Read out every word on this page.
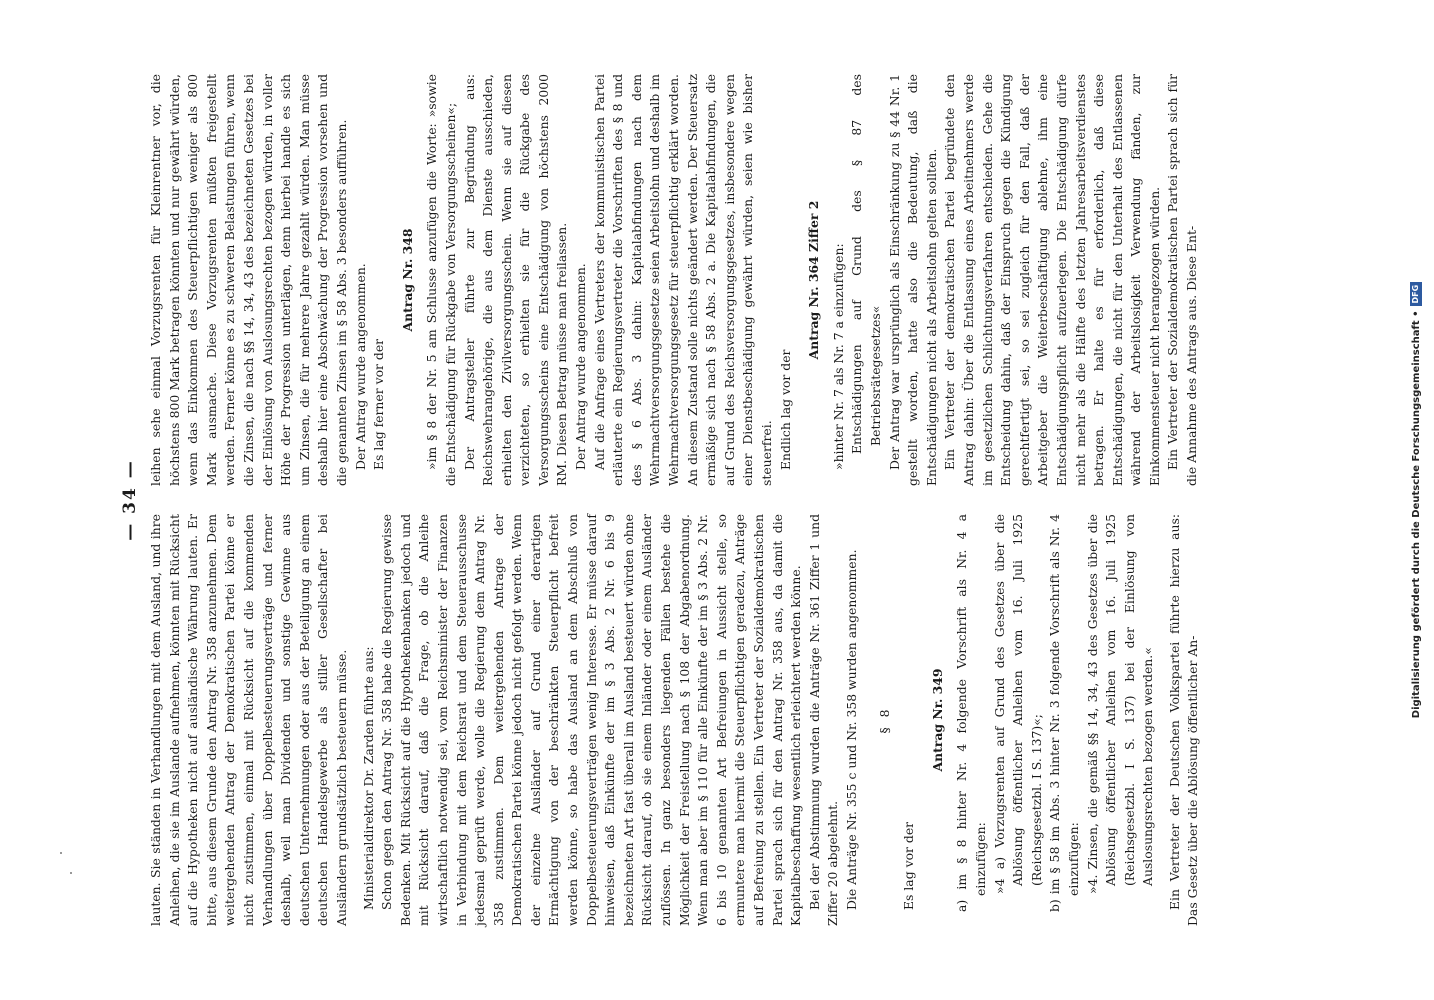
— 34 —

lauten. Sie ständen in Verhandlungen mit dem Ausland, und ihre Anleihen, die sie im Auslande aufnehmen, könnten mit Rücksicht auf die Hypotheken nicht auf ausländische Währung lauten. Er bitte, aus diesem Grunde den Antrag Nr. 358 anzunehmen. Dem weitergehenden Antrag der Demokratischen Partei könne er nicht zustimmen, einmal mit Rücksicht auf die kommenden Verhandlungen über Doppelbesteuerungsverträge und ferner deshalb, weil man Dividenden und sonstige Gewinne aus deutschen Unternehmungen oder aus der Beteiligung an einem deutschen Handelsgewerbe als stiller Gesellschafter bei Ausländern grundsätzlich besteuern müsse. Ministerialdirektor Dr. Zarden führte aus: Schon gegen den Antrag Nr. 358 habe die Regierung gewisse Bedenken. Mit Rücksicht auf die Hypothekenbanken jedoch und mit Rücksicht darauf, daß die Frage, ob die Anleihe wirtschaftlich notwendig sei, vom Reichsminister der Finanzen in Verbindung mit dem Reichsrat und dem Steuerausschusse jedesmal geprüft werde, wolle die Regierung dem Antrag Nr. 358 zustimmen. Dem weitergehenden Antrage der Demokratischen Partei könne jedoch nicht gefolgt werden. Wenn der einzelne Ausländer auf Grund einer derartigen Ermächtigung von der beschränkten Steuerpflicht befreit werden könne, so habe das Ausland an dem Abschluß von Doppelbesteuerungsverträgen wenig Interesse. Er müsse darauf hinweisen, daß Einkünfte der im § 3 Abs. 2 Nr. 6 bis 9 bezeichneten Art fast überall im Ausland besteuert würden ohne Rücksicht darauf, ob sie einem Inländer oder einem Ausländer zuflössen. In ganz besonders liegenden Fällen bestehe die Möglichkeit der Freistellung nach § 108 der Abgabenordnung. Wenn man aber im § 110 für alle Einkünfte der im § 3 Abs. 2 Nr. 6 bis 10 genannten Art Befreiungen in Aussicht stelle, so ermuntere man hiermit die Steuerpflichtigen geradezu, Anträge auf Befreiung zu stellen. Ein Vertreter der Sozialdemokratischen Partei sprach sich für den Antrag Nr. 358 aus, da damit die Kapitalbeschaffung wesentlich erleichtert werden könne. Bei der Abstimmung wurden die Anträge Nr. 361 Ziffer 1 und Ziffer 20 abgelehnt. Die Anträge Nr. 355 c und Nr. 358 wurden angenommen. § 8

Es lag vor der

Antrag Nr. 349 a) im § 8 hinter Nr. 4 folgende Vorschrift als Nr. 4 a einzufügen: »4 a) Vorzugsrenten auf Grund des Gesetzes über die Ablösung öffentlicher Anleihen vom 16. Juli 1925 (Reichsgesetzbl. I S. 137)«; b) im § 58 im Abs. 3 hinter Nr. 3 folgende Vorschrift als Nr. 4 einzufügen: »4. Zinsen, die gemäß §§ 14, 34, 43 des Gesetzes über die Ablösung öffentlicher Anleihen vom 16. Juli 1925 (Reichsgesetzbl. I S. 137) bei der Einlösung von Auslosungsrechten bezogen werden.« Ein Vertreter der Deutschen Volkspartei führte hierzu aus: Das Gesetz über die Ablösung öffentlicher An-

leihen sehe einmal Vorzugsrenten für Kleinrentner vor, die höchstens 800 Mark betragen könnten und nur gewährt würden, wenn das Einkommen des Steuerpflichtigen weniger als 800 Mark ausmache. Diese Vorzugsrenten müßten freigestellt werden. Ferner könne es zu schweren Belastungen führen, wenn die Zinsen, die nach §§ 14, 34, 43 des bezeichneten Gesetzes bei der Einlösung von Auslosungsrechten bezogen würden, in voller Höhe der Progression unterlägen, denn hierbei handle es sich um Zinsen, die für mehrere Jahre gezahlt würden. Man müsse deshalb hier eine Abschwächung der Progression vorsehen und die genannten Zinsen im § 58 Abs. 3 besonders aufführen. Der Antrag wurde angenommen. Es lag ferner vor der

Antrag Nr. 348 »im § 8 der Nr. 5 am Schlusse anzufügen die Worte: »sowie die Entschädigung für Rückgabe von Versorgungsscheinen«; Der Antragsteller führte zur Begründung aus: Reichswehrangehörige, die aus dem Dienste ausschieden, erhielten den Zivilversorgungsschein. Wenn sie auf diesen verzichteten, so erhielten sie für die Rückgabe des Versorgungsscheins eine Entschädigung von höchstens 2000 RM. Diesen Betrag müsse man freilassen. Der Antrag wurde angenommen. Auf die Anfrage eines Vertreters der kommunistischen Partei erläuterte ein Regierungsvertreter die Vorschriften des § 8 und des § 6 Abs. 3 dahin: Kapitalabfindungen nach dem Wehrmachtversorgungsgesetze seien Arbeitslohn und deshalb im Wehrmachtversorgungsgesetz für steuerpflichtig erklärt worden. An diesem Zustand solle nichts geändert werden. Der Steuersatz ermäßige sich nach § 58 Abs. 2 a. Die Kapitalabfindungen, die auf Grund des Reichsversorgungsgesetzes, insbesondere wegen einer Dienstbeschädigung gewährt würden, seien wie bisher steuerfrei. Endlich lag vor der

Antrag Nr. 364 Ziffer 2 »hinter Nr. 7 als Nr. 7 a einzufügen: Entschädigungen auf Grund des § 87 des Betriebsrätegesetzes« Der Antrag war ursprünglich als Einschränkung zu § 44 Nr. 1 gestellt worden, hatte also die Bedeutung, daß die Entschädigungen nicht als Arbeitslohn gelten sollten. Ein Vertreter der demokratischen Partei begründete den Antrag dahin: Über die Entlassung eines Arbeitnehmers werde im gesetzlichen Schlichtungsverfahren entschieden. Gehe die Entscheidung dahin, daß der Einspruch gegen die Kündigung gerechtfertigt sei, so sei zugleich für den Fall, daß der Arbeitgeber die Weiterbeschäftigung ablehne, ihm eine Entschädigungspflicht aufzuerlegen. Die Entschädigung dürfe nicht mehr als die Hälfte des letzten Jahresarbeitsverdienstes betragen. Er halte es für erforderlich, daß diese Entschädigungen, die nicht für den Unterhalt des Entlassenen während der Arbeitslosigkeit Verwendung fänden, zur Einkommensteuer nicht herangezogen würden. Ein Vertreter der Sozialdemokratischen Partei sprach sich für die Annahme des Antrags aus. Diese Ent-	Digitalisierung gefördert durch die Deutsche Forschungsgemeinschaft •
DFG
